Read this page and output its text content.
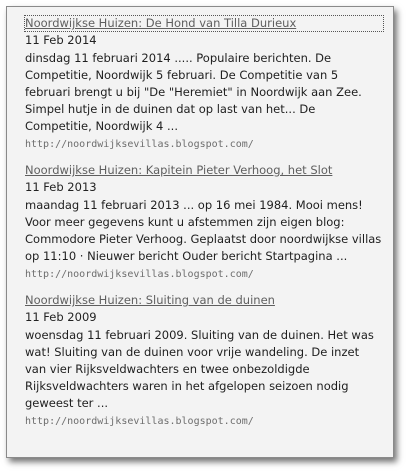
Noordwijkse Huizen: De Hond van Tilla Durieux
11 Feb 2014
dinsdag 11 februari 2014 ..... Populaire berichten. De Competitie, Noordwijk 5 februari. De Competitie van 5 februari brengt u bij "De "Heremiet" in Noordwijk aan Zee. Simpel hutje in de duinen dat op last van het... De Competitie, Noordwijk 4 ...
http://noordwijksevillas.blogspot.com/
Noordwijkse Huizen: Kapitein Pieter Verhoog, het Slot
11 Feb 2013
maandag 11 februari 2013 ... op 16 mei 1984. Mooi mens! Voor meer gegevens kunt u afstemmen zijn eigen blog: Commodore Pieter Verhoog. Geplaatst door noordwijkse villas op 11:10 · Nieuwer bericht Ouder bericht Startpagina ...
http://noordwijksevillas.blogspot.com/
Noordwijkse Huizen: Sluiting van de duinen
11 Feb 2009
woensdag 11 februari 2009. Sluiting van de duinen. Het was wat! Sluiting van de duinen voor vrije wandeling. De inzet van vier Rijksveldwachters en twee onbezoldigde Rijksveldwachters waren in het afgelopen seizoen nodig geweest ter ...
http://noordwijksevillas.blogspot.com/
